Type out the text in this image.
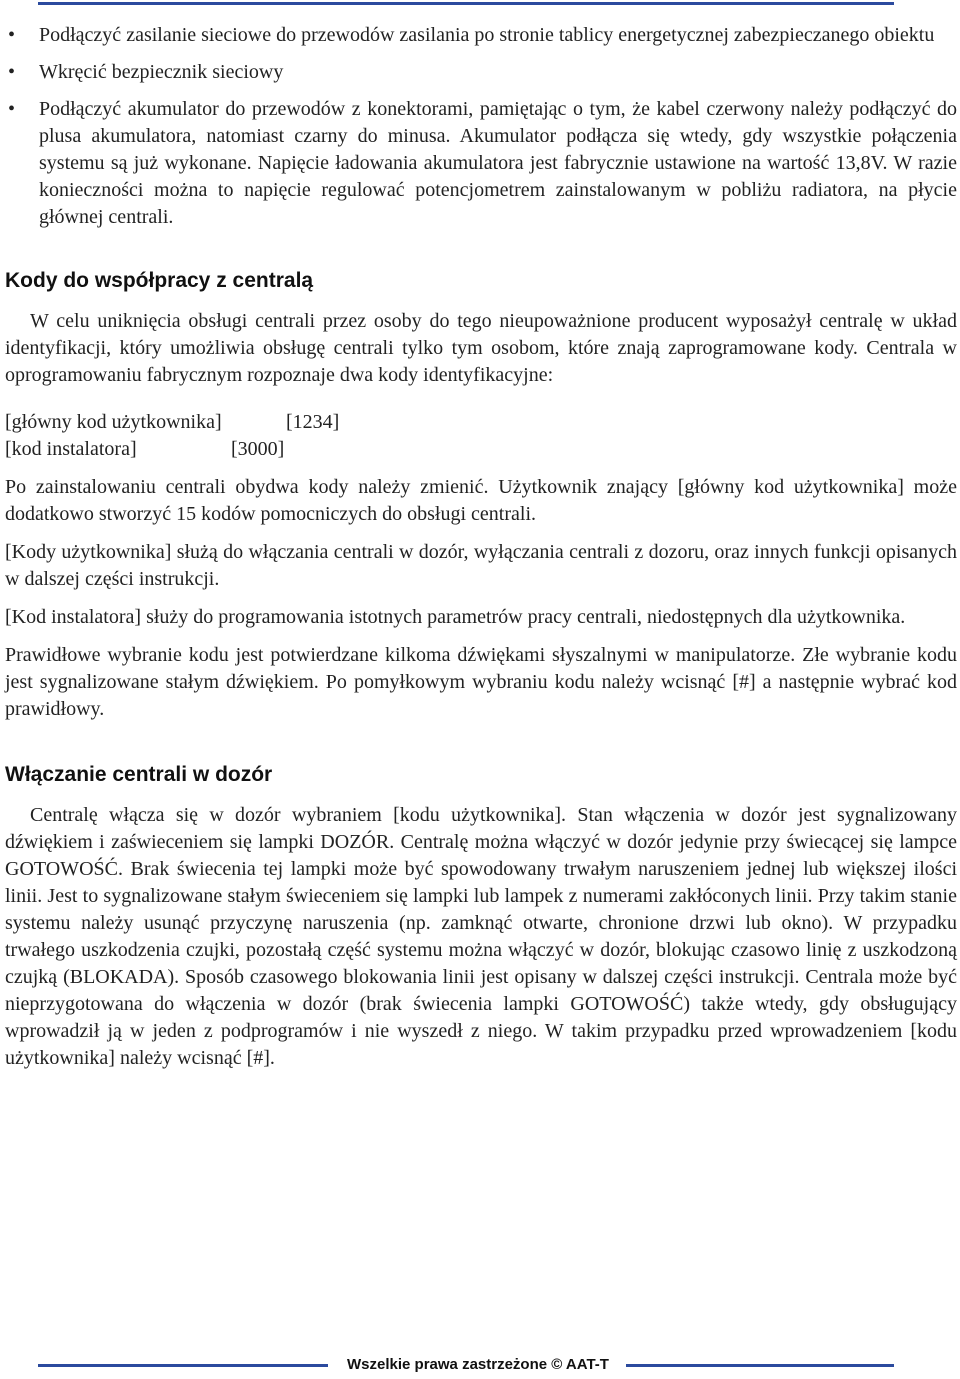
• Podłączyć zasilanie sieciowe do przewodów zasilania po stronie tablicy energetycznej zabezpieczanego obiektu
• Wkręcić bezpiecznik sieciowy
• Podłączyć akumulator do przewodów z konektorami, pamiętając o tym, że kabel czerwony należy podłączyć do plusa akumulatora, natomiast czarny do minusa. Akumulator podłącza się wtedy, gdy wszystkie połączenia systemu są już wykonane. Napięcie ładowania akumulatora jest fabrycznie ustawione na wartość 13,8V. W razie konieczności można to napięcie regulować potencjometrem zainstalowanym w pobliżu radiatora, na płycie głównej centrali.
Kody do współpracy z centralą

W celu uniknięcia obsługi centrali przez osoby do tego nieupoważnione producent wyposażył centralę w układ identyfikacji, który umożliwia obsługę centrali tylko tym osobom, które znają zaprogramowane kody. Centrala w oprogramowaniu fabrycznym rozpoznaje dwa kody identyfikacyjne:

[główny kod użytkownika]	[1234]
[kod instalatora]	[3000]

Po zainstalowaniu centrali obydwa kody należy zmienić. Użytkownik znający [główny kod użytkownika] może dodatkowo stworzyć 15 kodów pomocniczych do obsługi centrali.

[Kody użytkownika] służą do włączania centrali w dozór, wyłączania centrali z dozoru, oraz innych funkcji opisanych w dalszej części instrukcji.

[Kod instalatora] służy do programowania istotnych parametrów pracy centrali, niedostępnych dla użytkownika.

Prawidłowe wybranie kodu jest potwierdzane kilkoma dźwiękami słyszalnymi w manipulatorze. Złe wybranie kodu jest sygnalizowane stałym dźwiękiem. Po pomyłkowym wybraniu kodu należy wcisnąć [#] a następnie wybrać kod prawidłowy.

Włączanie centrali w dozór

Centralę włącza się w dozór wybraniem [kodu użytkownika]. Stan włączenia w dozór jest sygnalizowany dźwiękiem i zaświeceniem się lampki DOZÓR. Centralę można włączyć w dozór jedynie przy świecącej się lampce GOTOWOŚĆ. Brak świecenia tej lampki może być spowodowany trwałym naruszeniem jednej lub większej ilości linii. Jest to sygnalizowane stałym świeceniem się lampki lub lampek z numerami zakłóconych linii. Przy takim stanie systemu należy usunąć przyczynę naruszenia (np. zamknąć otwarte, chronione drzwi lub okno). W przypadku trwałego uszkodzenia czujki, pozostałą część systemu można włączyć w dozór, blokując czasowo linię z uszkodzoną czujką (BLOKADA). Sposób czasowego blokowania linii jest opisany w dalszej części instrukcji. Centrala może być nieprzygotowana do włączenia w dozór (brak świecenia lampki GOTOWOŚĆ) także wtedy, gdy obsługujący wprowadził ją w jeden z podprogramów i nie wyszedł z niego. W takim przypadku przed wprowadzeniem [kodu użytkownika] należy wcisnąć [#].

Wszelkie prawa zastrzeżone © AAT-T
